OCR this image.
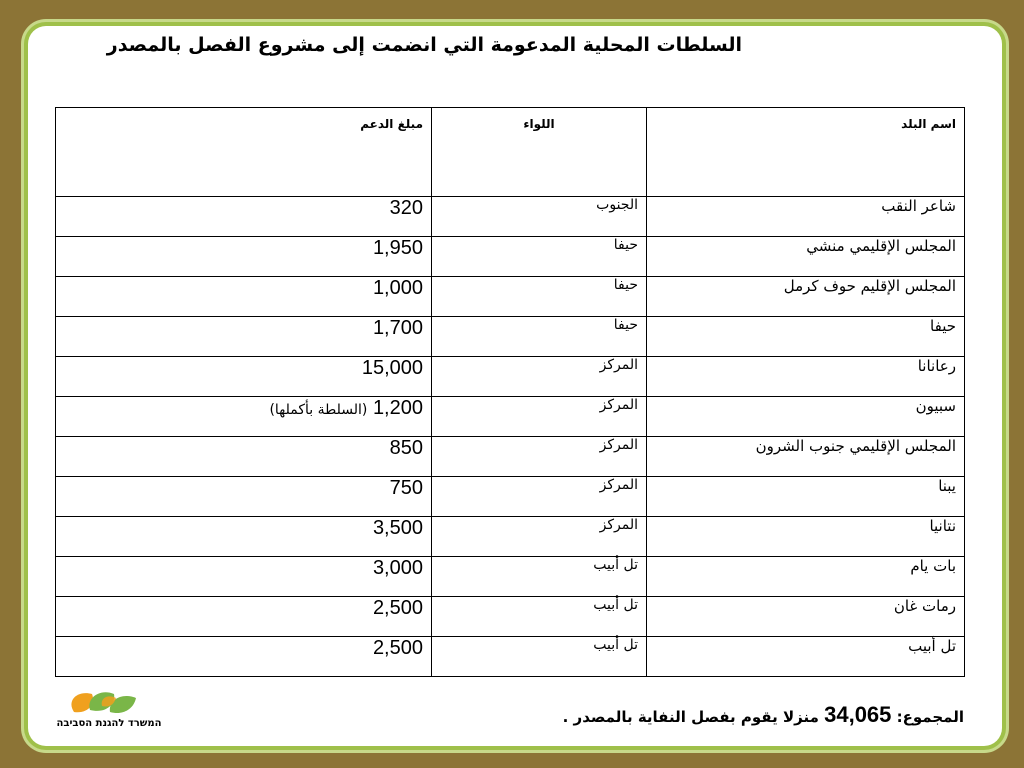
السلطات المحلية المدعومة التي انضمت إلى مشروع الفصل بالمصدر
اسم البلد	اللواء	مبلغ الدعم
شاعر النقب	الجنوب	320
المجلس الإقليمي منشي	حيفا	1,950
المجلس الإقليم حوف كرمل	حيفا	1,000
حيفا	حيفا	1,700
رعانانا	المركز	15,000
سبيون	المركز	1,200 (السلطة بأكملها)
المجلس الإقليمي جنوب الشرون	المركز	850
يبنا	المركز	750
نتانيا	المركز	3,500
بات يام	تل أبيب	3,000
رمات غان	تل أبيب	2,500
تل أبيب	تل أبيب	2,500
المجموع: 34,065 منزلا يقوم بفصل النفاية بالمصدر .
המשרד להגנת הסביבה
